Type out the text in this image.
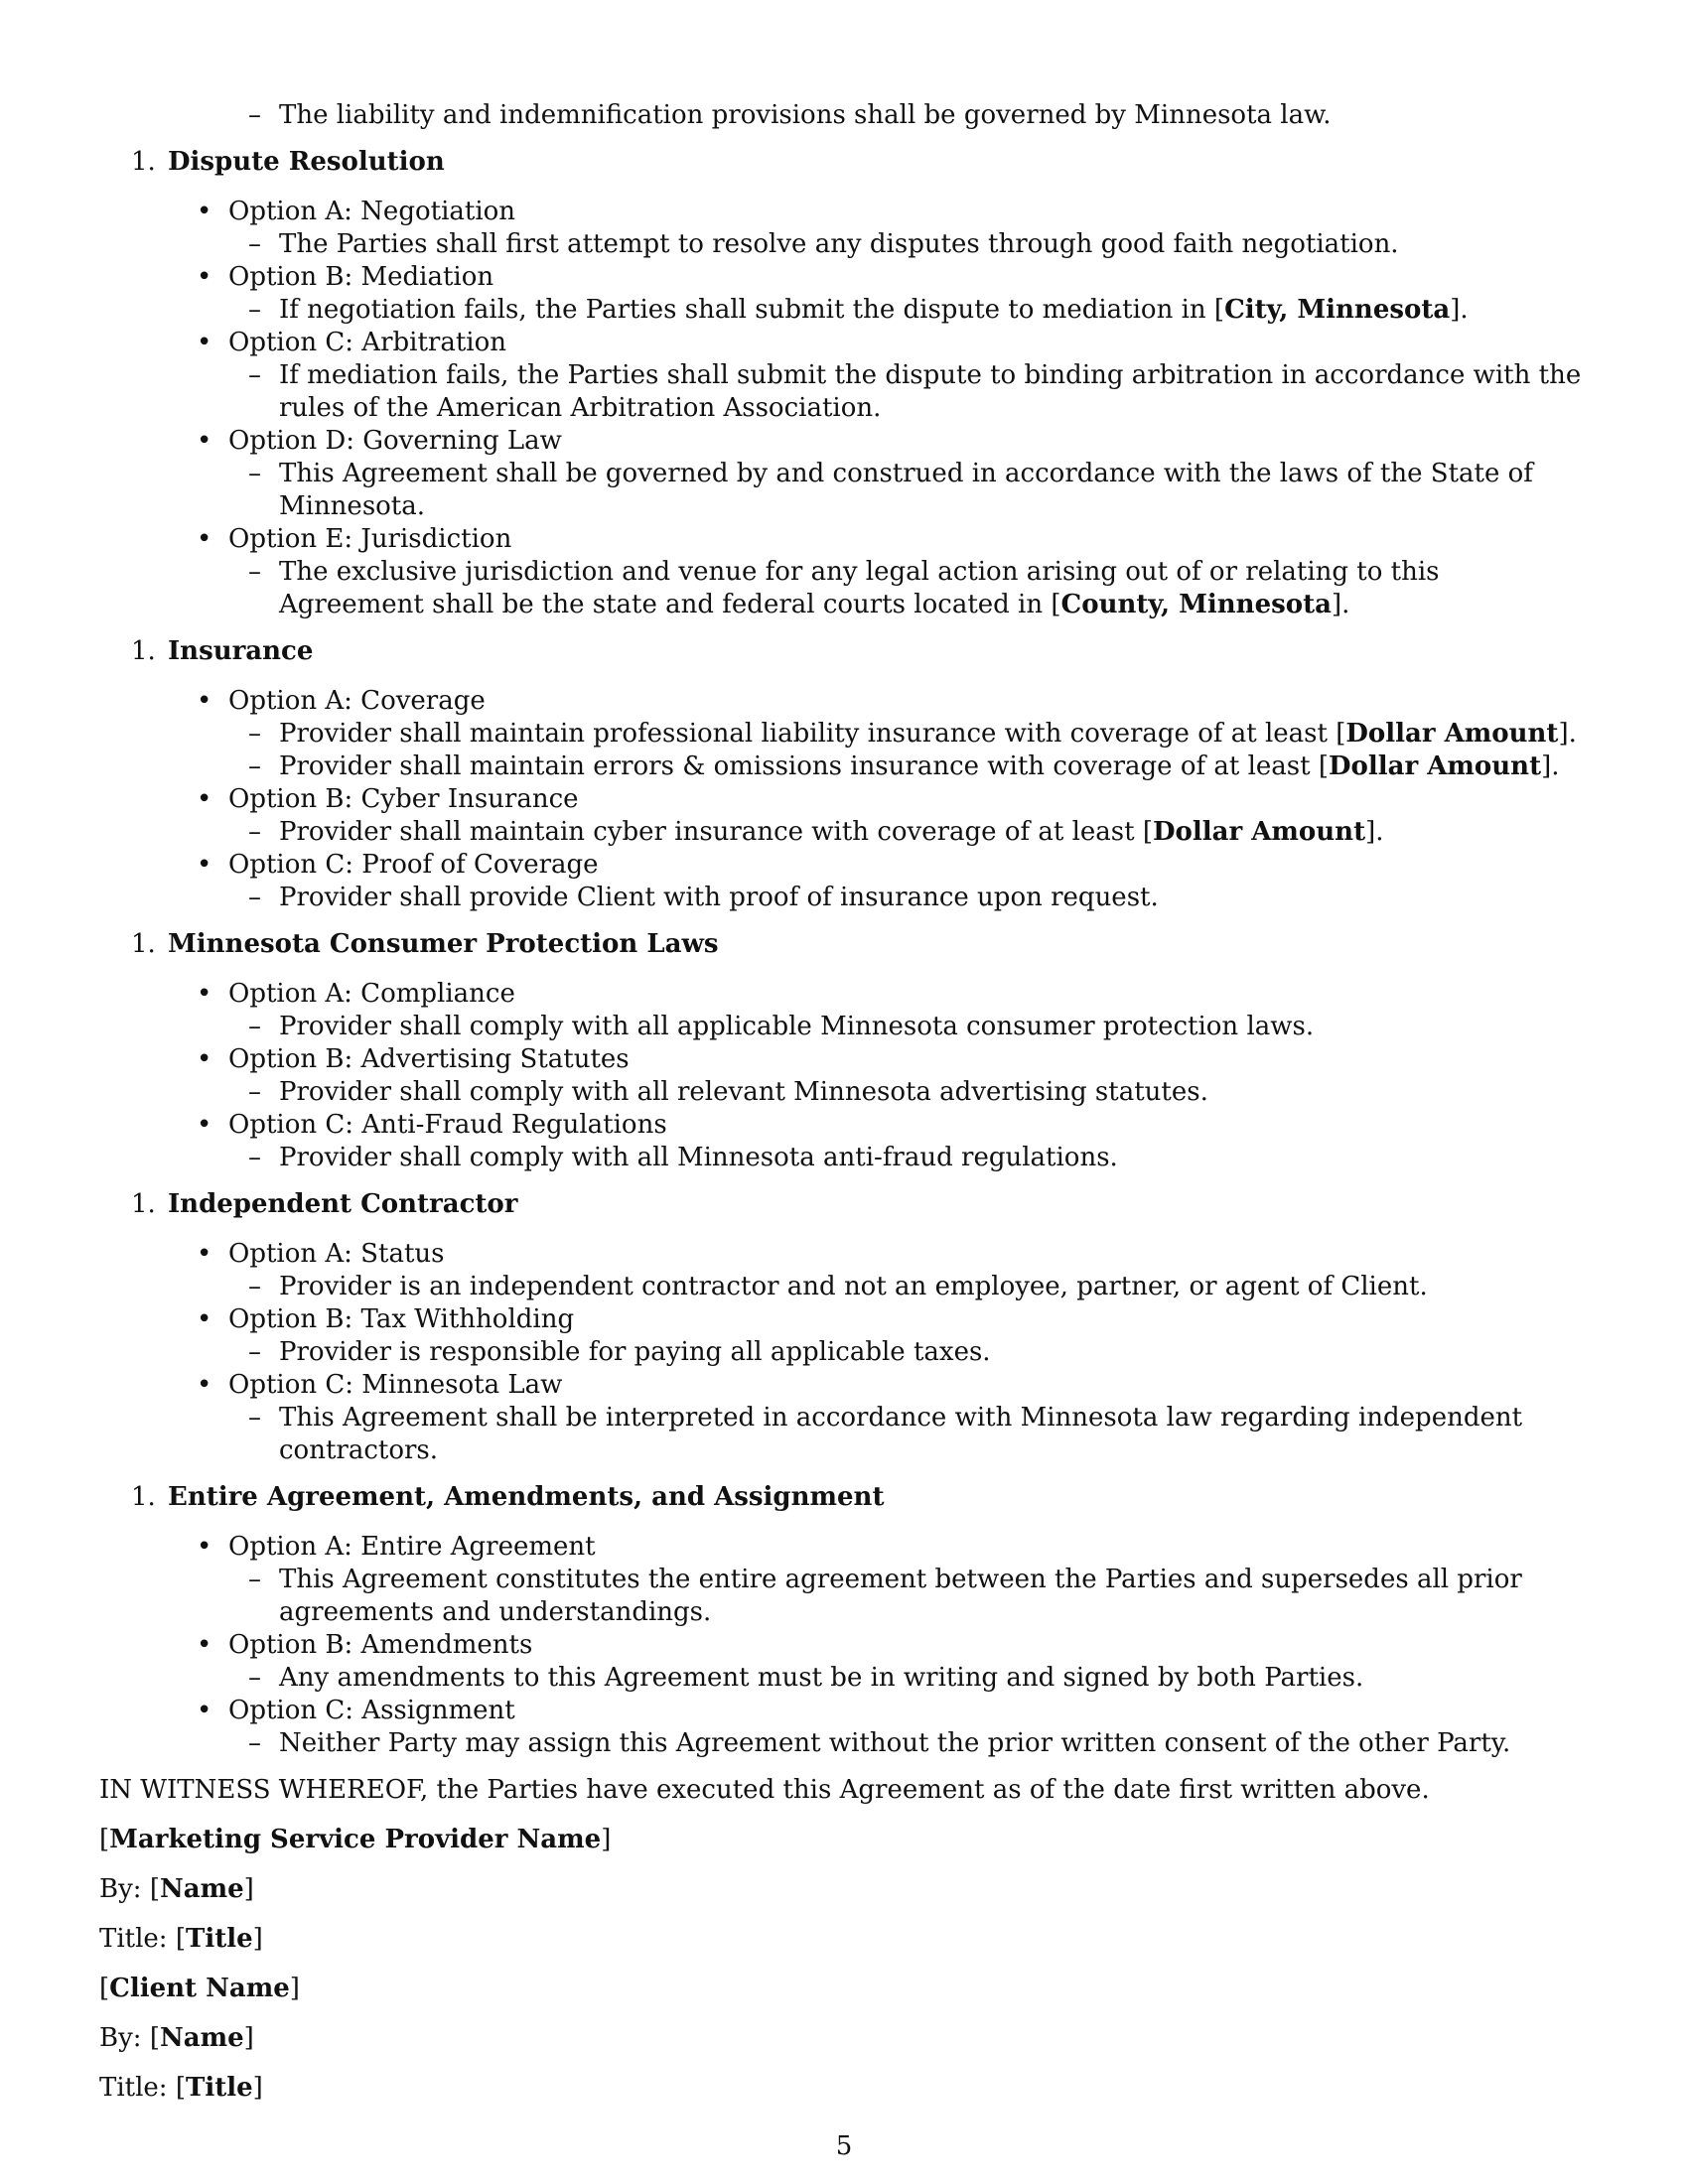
– The liability and indemnification provisions shall be governed by Minnesota law.
1. Dispute Resolution
• Option A: Negotiation
– The Parties shall first attempt to resolve any disputes through good faith negotiation.
• Option B: Mediation
– If negotiation fails, the Parties shall submit the dispute to mediation in [City, Minnesota].
• Option C: Arbitration
– If mediation fails, the Parties shall submit the dispute to binding arbitration in accordance with the rules of the American Arbitration Association.
• Option D: Governing Law
– This Agreement shall be governed by and construed in accordance with the laws of the State of Minnesota.
• Option E: Jurisdiction
– The exclusive jurisdiction and venue for any legal action arising out of or relating to this Agreement shall be the state and federal courts located in [County, Minnesota].
1. Insurance
• Option A: Coverage
– Provider shall maintain professional liability insurance with coverage of at least [Dollar Amount].
– Provider shall maintain errors & omissions insurance with coverage of at least [Dollar Amount].
• Option B: Cyber Insurance
– Provider shall maintain cyber insurance with coverage of at least [Dollar Amount].
• Option C: Proof of Coverage
– Provider shall provide Client with proof of insurance upon request.
1. Minnesota Consumer Protection Laws
• Option A: Compliance
– Provider shall comply with all applicable Minnesota consumer protection laws.
• Option B: Advertising Statutes
– Provider shall comply with all relevant Minnesota advertising statutes.
• Option C: Anti-Fraud Regulations
– Provider shall comply with all Minnesota anti-fraud regulations.
1. Independent Contractor
• Option A: Status
– Provider is an independent contractor and not an employee, partner, or agent of Client.
• Option B: Tax Withholding
– Provider is responsible for paying all applicable taxes.
• Option C: Minnesota Law
– This Agreement shall be interpreted in accordance with Minnesota law regarding independent contractors.
1. Entire Agreement, Amendments, and Assignment
• Option A: Entire Agreement
– This Agreement constitutes the entire agreement between the Parties and supersedes all prior agreements and understandings.
• Option B: Amendments
– Any amendments to this Agreement must be in writing and signed by both Parties.
• Option C: Assignment
– Neither Party may assign this Agreement without the prior written consent of the other Party.
IN WITNESS WHEREOF, the Parties have executed this Agreement as of the date first written above.
[Marketing Service Provider Name]
By: [Name]
Title: [Title]
[Client Name]
By: [Name]
Title: [Title]
5
